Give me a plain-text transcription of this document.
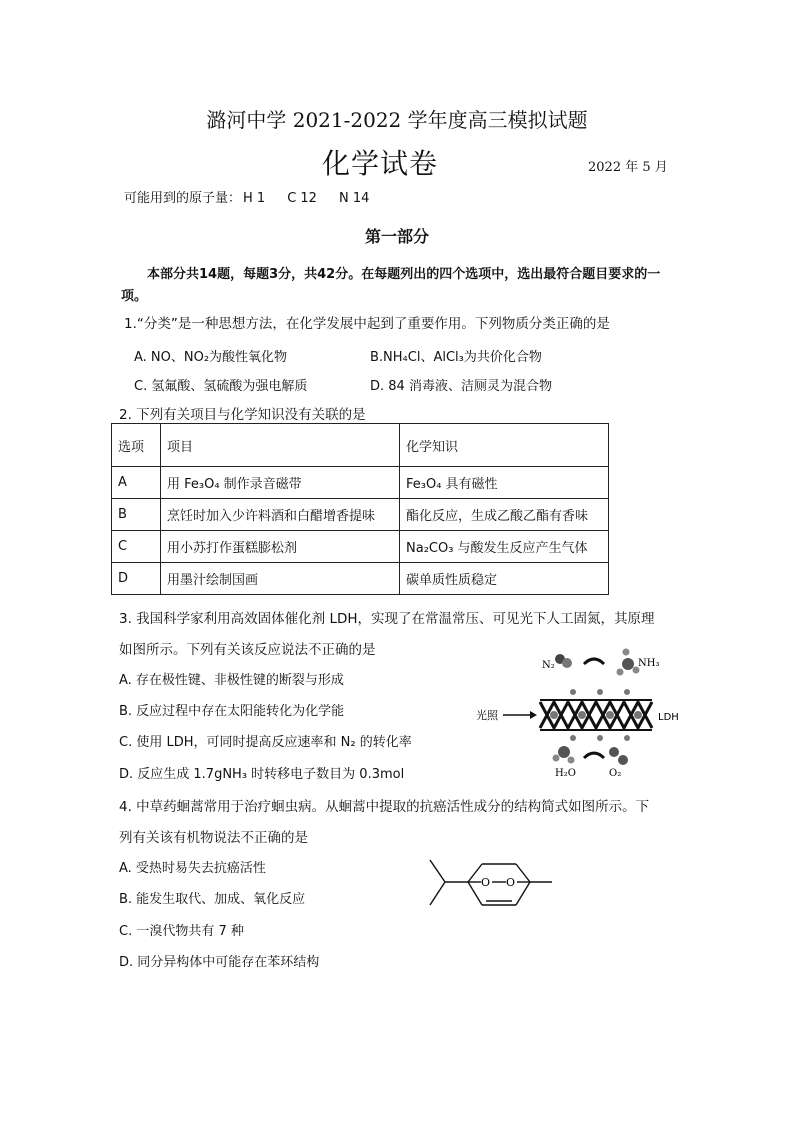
潞河中学 2021-2022 学年度高三模拟试题
化学试卷	2022 年 5 月
可能用到的原子量： H 1 C 12 N 14
第一部分
本部分共14题，每题3分，共42分。在每题列出的四个选项中，选出最符合题目要求的一项。
1.“分类”是一种思想方法，在化学发展中起到了重要作用。下列物质分类正确的是
A. NO、NO₂为酸性氧化物	B.NH₄Cl、AlCl₃为共价化合物
C. 氢氟酸、氢硫酸为强电解质	D. 84 消毒液、洁厕灵为混合物
2. 下列有关项目与化学知识没有关联的是
选项	项目	化学知识
A	用 Fe₃O₄ 制作录音磁带	Fe₃O₄ 具有磁性
B	烹饪时加入少许料酒和白醋增香提味	酯化反应，生成乙酸乙酯有香味
C	用小苏打作蛋糕膨松剂	Na₂CO₃ 与酸发生反应产生气体
D	用墨汁绘制国画	碳单质性质稳定
3. 我国科学家利用高效固体催化剂 LDH，实现了在常温常压、可见光下人工固氮，其原理
如图所示。下列有关该反应说法不正确的是
A. 存在极性键、非极性键的断裂与形成
B. 反应过程中存在太阳能转化为化学能
C. 使用 LDH，可同时提高反应速率和 N₂ 的转化率
D. 反应生成 1.7gNH₃ 时转移电子数目为 0.3mol
N₂	NH₃
光照	LDH
H₂O	O₂
4. 中草药蛔蒿常用于治疗蛔虫病。从蛔蒿中提取的抗癌活性成分的结构简式如图所示。下
列有关该有机物说法不正确的是
A. 受热时易失去抗癌活性
B. 能发生取代、加成、氧化反应
C. 一溴代物共有 7 种
D. 同分异构体中可能存在苯环结构
O O
